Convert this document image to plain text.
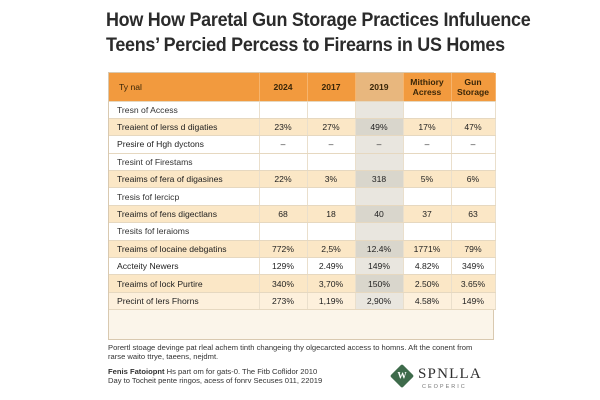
How How Paretal Gun Storage Practices Infuluence
Teens’ Percied Percess to Firearns in US Homes
Ty nal	2024	2017	2019	Mithiory Acress	Gun Storage
Tresn of Access					
Treaient of lerss d digaties	23%	27%	49%	17%	47%
Presire of Hgh dyctons	–	–	–	–	–
Tresint of Firestams					
Treaims of fera of digasines	22%	3%	318	5%	6%
Tresis fof lercicp					
Treaims of fens digectlans	68	18	40	37	63
Tresits fof leraioms					
Treaims of locaine debgatins	772%	2,5%	12.4%	1771%	79%
Accteity Newers	129%	2.49%	149%	4.82%	349%
Treaims of lock Purtire	340%	3,70%	150%	2.50%	3.65%
Precint of lers Fhorns	273%	1,19%	2,90%	4.58%	149%
Porertl stoage devinge pat rleal achem tinth changeing thy olgecarcted access to homns. Aft the conent from rarse waito ttrye, taeens, nejdmt.
Fenis Fatoiopnt Hs part om for gats-0. The Fitb Coflidor 2010
Day to Tocheit pente ringos, acess of fonrv Secuses 011, 22019	W SPNLLA
CEOPERIC
